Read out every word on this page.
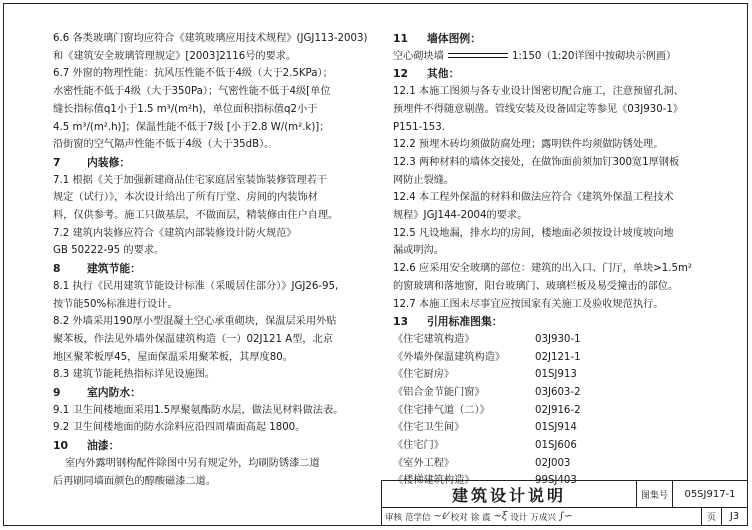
6.6 各类玻璃门窗均应符合《建筑玻璃应用技术规程》(JGJ113-2003)

和《建筑安全玻璃管理规定》[2003]2116号的要求。

6.7 外窗的物理性能：抗风压性能不低于4级（大于2.5KPa）；

水密性能不低于4级（大于350Pa）；气密性能不低于4级[单位

缝长指标值q1小于1.5 m³/(m²h)，单位面积指标值q2小于

4.5 m³/(m².h)]；保温性能不低于7级 [小于2.8 W/(m².k)]；

沿街窗的空气隔声性能不低于4级（大于35dB）。

7 内装修：

7.1 根据《关于加强新建商品住宅家庭居室装饰装修管理若干

规定（试行）》，本次设计给出了所有厅堂、房间的内装饰材

料，仅供参考。施工只做基层，不做面层，精装修由住户自理。

7.2 建筑内装修应符合《建筑内部装修设计防火规范》

GB 50222-95 的要求。

8 建筑节能：

8.1 执行《民用建筑节能设计标准（采暖居住部分）》JGJ26-95,

按节能50%标准进行设计。

8.2 外墙采用190厚小型混凝土空心承重砌块，保温层采用外贴

聚苯板，作法见外墙外保温建筑构造（一）02J121 A型，北京

地区聚苯板厚45，屋面保温采用聚苯板，其厚度80。

8.3 建筑节能耗热指标详见设施图。

9 室内防水：

9.1 卫生间楼地面采用1.5厚聚氨酯防水层，做法见材料做法表。

9.2 卫生间楼地面的防水涂料应沿四周墙面高起 1800。

10 油漆：

室内外露明钢构配件除图中另有规定外，均刷防锈漆二道

后再刷同墙面颜色的醇酸磁漆二道。

11 墙体图例：

空心砌块墙	1:150（1:20详图中按砌块示例画）

12 其他：

12.1 本施工图须与各专业设计图密切配合施工，注意预留孔洞、

预埋件不得随意剔凿。管线安装及设备固定等参见《03J930-1》

P151-153.

12.2 预埋木砖均须做防腐处理；露明铁件均须做防锈处理。

12.3 两种材料的墙体交接处，在做饰面前须加钉300宽1厚钢板

网防止裂缝。

12.4 本工程外保温的材料和做法应符合《建筑外保温工程技术

规程》JGJ144-2004的要求。

12.5 凡设地漏，排水均的房间，楼地面必须按设计坡度坡向地

漏或明沟。

12.6 应采用安全玻璃的部位：建筑的出入口、门厅，单块>1.5m²

的窗玻璃和落地窗，阳台玻璃门、玻璃栏板及易受撞击的部位。

12.7 本施工图未尽事宜应按国家有关施工及验收规范执行。

13 引用标准图集：

《住宅建筑构造》	03J930-1
《外墙外保温建筑构造》	02J121-1
《住宅厨房》	01SJ913
《铝合金节能门窗》	03J603-2
《住宅排气道（二）》	02J916-2
《住宅卫生间》	01SJ914
《住宅门》	01SJ606
《室外工程》	02J003
《楼梯建筑构造》	99SJ403
建筑设计说明	图集号	05SJ917-1
审核 范学信 ~ℓ⁄ 校对 徐 震 ∼ξ 设计 万成兴 ∫∽	页	J3
